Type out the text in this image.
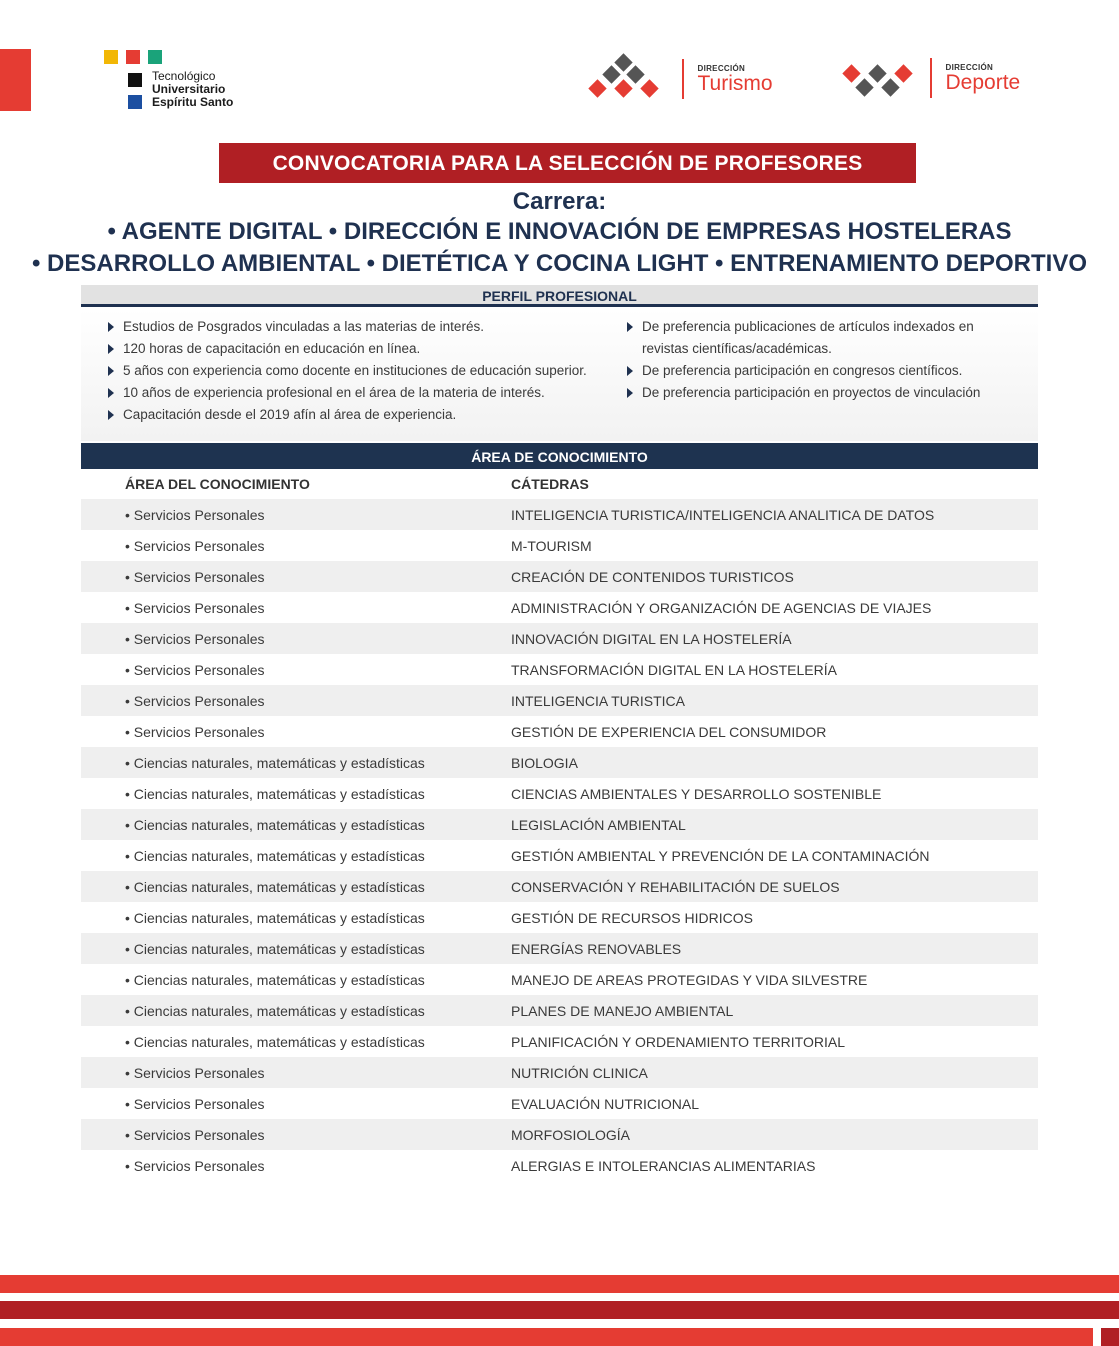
Tecnológico
Universitario
Espíritu Santo
DIRECCIÓN
Turismo
DIRECCIÓN
Deporte
CONVOCATORIA PARA LA SELECCIÓN DE PROFESORES
Carrera:
• AGENTE DIGITAL • DIRECCIÓN E INNOVACIÓN DE EMPRESAS HOSTELERAS
• DESARROLLO AMBIENTAL • DIETÉTICA Y COCINA LIGHT • ENTRENAMIENTO DEPORTIVO
PERFIL PROFESIONAL
Estudios de Posgrados vinculadas a las materias de interés.
120 horas de capacitación en educación en línea.
5 años con experiencia como docente en instituciones de educación superior.
10 años de experiencia profesional en el área de la materia de interés.
Capacitación desde el 2019 afín al área de experiencia.
De preferencia publicaciones de artículos indexados en
revistas científicas/académicas.
De preferencia participación en congresos científicos.
De preferencia participación en proyectos de vinculación
ÁREA DE CONOCIMIENTO
ÁREA DEL CONOCIMIENTO	CÁTEDRAS
• Servicios Personales	INTELIGENCIA TURISTICA/INTELIGENCIA ANALITICA DE DATOS
• Servicios Personales	M-TOURISM
• Servicios Personales	CREACIÓN DE CONTENIDOS TURISTICOS
• Servicios Personales	ADMINISTRACIÓN Y ORGANIZACIÓN DE AGENCIAS DE VIAJES
• Servicios Personales	INNOVACIÓN DIGITAL EN LA HOSTELERÍA
• Servicios Personales	TRANSFORMACIÓN DIGITAL EN LA HOSTELERÍA
• Servicios Personales	INTELIGENCIA TURISTICA
• Servicios Personales	GESTIÓN DE EXPERIENCIA DEL CONSUMIDOR
• Ciencias naturales, matemáticas y estadísticas	BIOLOGIA
• Ciencias naturales, matemáticas y estadísticas	CIENCIAS AMBIENTALES Y DESARROLLO SOSTENIBLE
• Ciencias naturales, matemáticas y estadísticas	LEGISLACIÓN AMBIENTAL
• Ciencias naturales, matemáticas y estadísticas	GESTIÓN AMBIENTAL Y PREVENCIÓN DE LA CONTAMINACIÓN
• Ciencias naturales, matemáticas y estadísticas	CONSERVACIÓN Y REHABILITACIÓN DE SUELOS
• Ciencias naturales, matemáticas y estadísticas	GESTIÓN DE RECURSOS HIDRICOS
• Ciencias naturales, matemáticas y estadísticas	ENERGÍAS RENOVABLES
• Ciencias naturales, matemáticas y estadísticas	MANEJO DE AREAS PROTEGIDAS Y VIDA SILVESTRE
• Ciencias naturales, matemáticas y estadísticas	PLANES DE MANEJO AMBIENTAL
• Ciencias naturales, matemáticas y estadísticas	PLANIFICACIÓN Y ORDENAMIENTO TERRITORIAL
• Servicios Personales	NUTRICIÓN CLINICA
• Servicios Personales	EVALUACIÓN NUTRICIONAL
• Servicios Personales	MORFOSIOLOGÍA
• Servicios Personales	ALERGIAS E INTOLERANCIAS ALIMENTARIAS
